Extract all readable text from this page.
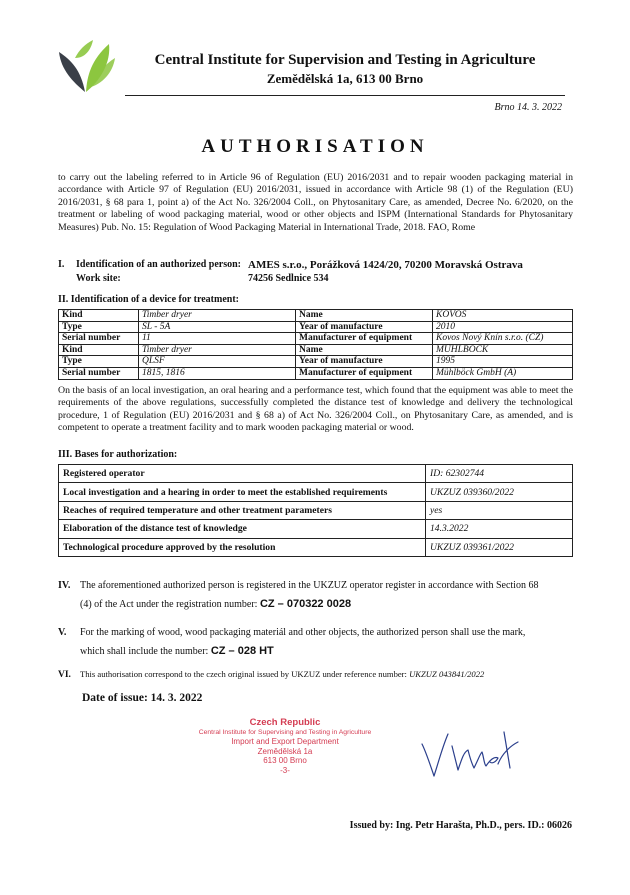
Central Institute for Supervision and Testing in Agriculture
Zemědělská 1a, 613 00 Brno
Brno 14. 3. 2022
AUTHORISATION
to carry out the labeling referred to in Article 96 of Regulation (EU) 2016/2031 and to repair wooden packaging material in accordance with Article 97 of Regulation (EU) 2016/2031, issued in accordance with Article 98 (1) of the Regulation (EU) 2016/2031, § 68 para 1, point a) of the Act No. 326/2004 Coll., on Phytosanitary Care, as amended, Decree No. 6/2020, on the treatment or labeling of wood packaging material, wood or other objects and ISPM (International Standards for Phytosanitary Measures) Pub. No. 15: Regulation of Wood Packaging Material in International Trade, 2018. FAO, Rome
I. Identification of an authorized person: AMES s.r.o., Porážková 1424/20, 70200 Moravská Ostrava
Work site:	74256 Sedlnice 534
II. Identification of a device for treatment:
Kind	Timber dryer	Name	KOVOS
Type	SL - 5A	Year of manufacture	2010
Serial number	11	Manufacturer of equipment	Kovos Nový Knín s.r.o. (CZ)
Kind	Timber dryer	Name	MÜHLBÖCK
Type	QLSF	Year of manufacture	1995
Serial number	1815, 1816	Manufacturer of equipment	Mühlböck GmbH (A)
On the basis of an local investigation, an oral hearing and a performance test, which found that the equipment was able to meet the requirements of the above regulations, successfully completed the distance test of knowledge and delivery the technological procedure, 1 of Regulation (EU) 2016/2031 and § 68 a) of Act No. 326/2004 Coll., on Phytosanitary Care, as amended, and is competent to operate a treatment facility and to mark wooden packaging material or wood.
III. Bases for authorization:
Registered operator	ID: 62302744
Local investigation and a hearing in order to meet the established requirements	UKZUZ 039360/2022
Reaches of required temperature and other treatment parameters	yes
Elaboration of the distance test of knowledge	14.3.2022
Technological procedure approved by the resolution	UKZUZ 039361/2022
IV. The aforementioned authorized person is registered in the UKZUZ operator register in accordance with Section 68
(4) of the Act under the registration number: CZ – 070322 0028
V. For the marking of wood, wood packaging materiál and other objects, the authorized person shall use the mark,
which shall include the number: CZ – 028 HT
VI. This authorisation correspond to the czech original issued by UKZUZ under reference number: UKZUZ 043841/2022
Date of issue: 14. 3. 2022
Czech Republic
Central Institute for Supervising and Testing in Agriculture
Import and Export Department
Zemědělská 1a
613 00 Brno
-3-
Issued by: Ing. Petr Harašta, Ph.D., pers. ID.: 06026
